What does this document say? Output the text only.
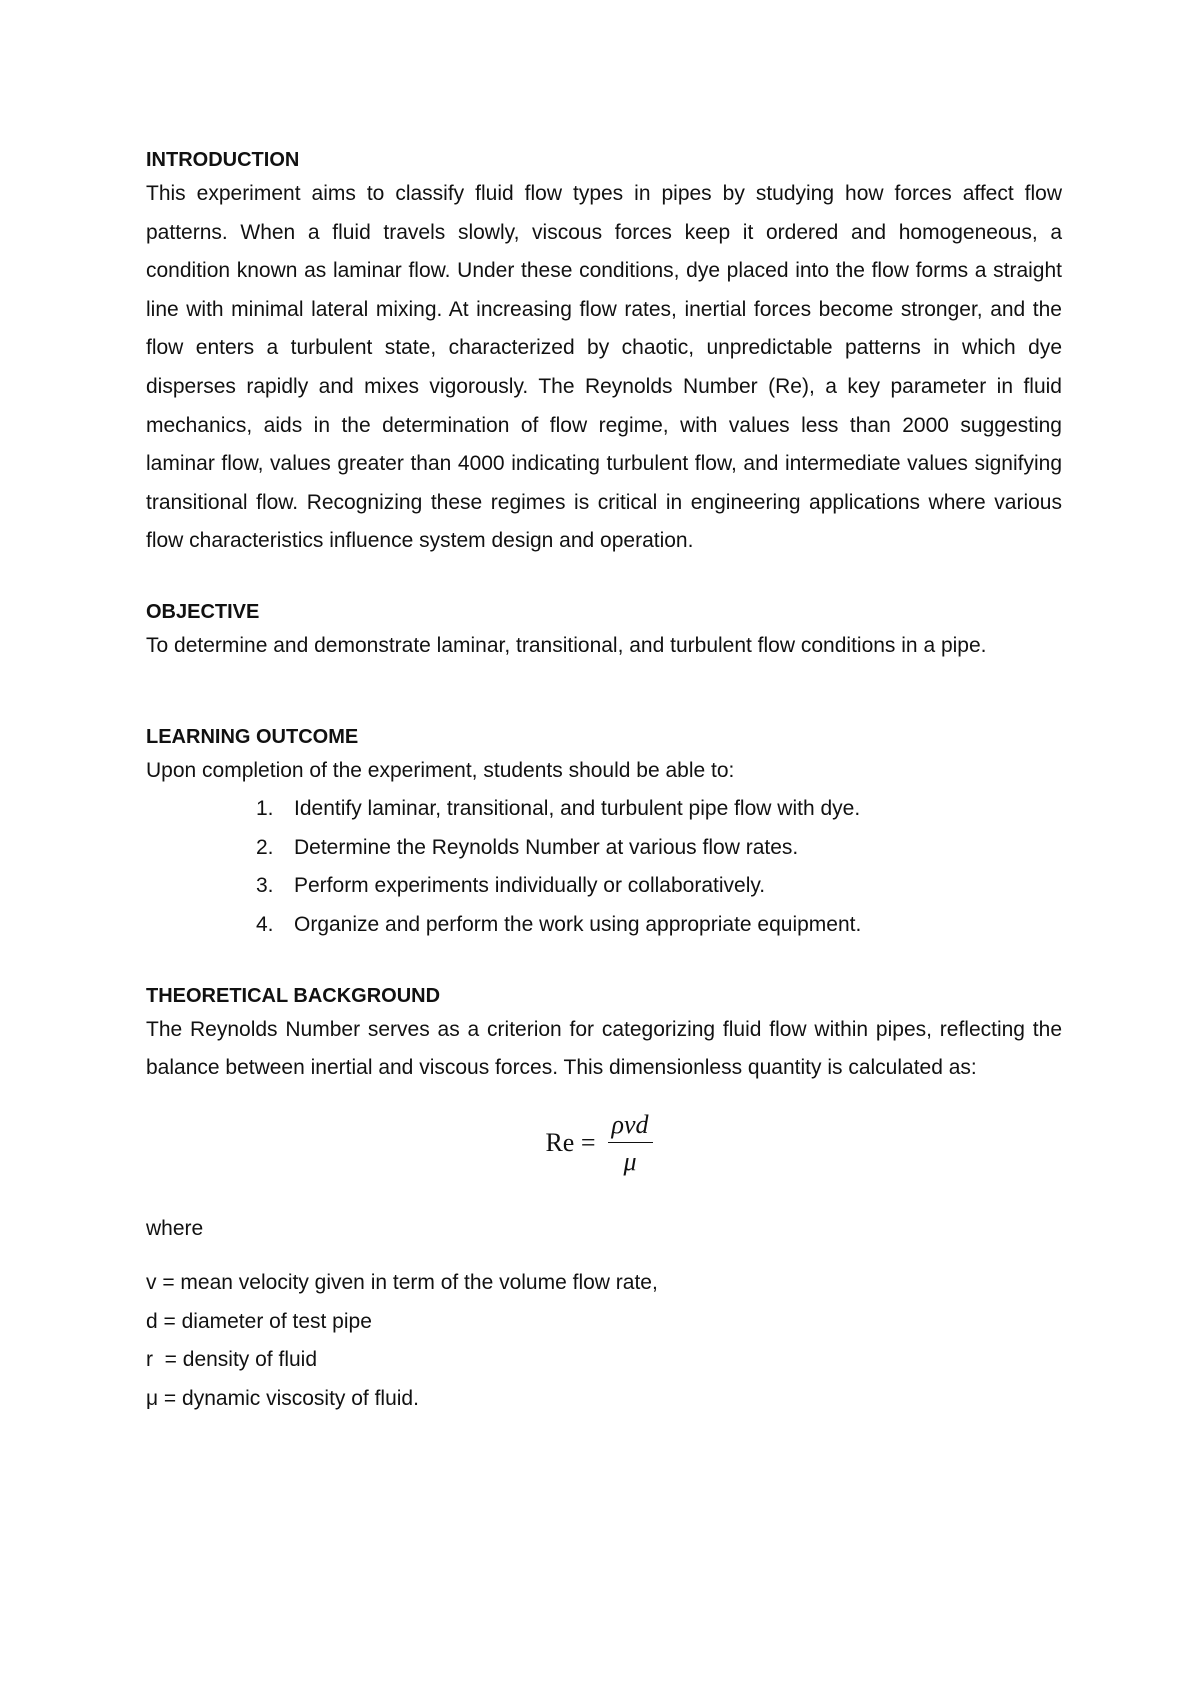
INTRODUCTION

This experiment aims to classify fluid flow types in pipes by studying how forces affect flow patterns. When a fluid travels slowly, viscous forces keep it ordered and homogeneous, a condition known as laminar flow. Under these conditions, dye placed into the flow forms a straight line with minimal lateral mixing. At increasing flow rates, inertial forces become stronger, and the flow enters a turbulent state, characterized by chaotic, unpredictable patterns in which dye disperses rapidly and mixes vigorously. The Reynolds Number (Re), a key parameter in fluid mechanics, aids in the determination of flow regime, with values less than 2000 suggesting laminar flow, values greater than 4000 indicating turbulent flow, and intermediate values signifying transitional flow. Recognizing these regimes is critical in engineering applications where various flow characteristics influence system design and operation.

OBJECTIVE

To determine and demonstrate laminar, transitional, and turbulent flow conditions in a pipe.

LEARNING OUTCOME

Upon completion of the experiment, students should be able to:

1. Identify laminar, transitional, and turbulent pipe flow with dye.
2. Determine the Reynolds Number at various flow rates.
3. Perform experiments individually or collaboratively.
4. Organize and perform the work using appropriate equipment.
THEORETICAL BACKGROUND

The Reynolds Number serves as a criterion for categorizing fluid flow within pipes, reflecting the balance between inertial and viscous forces. This dimensionless quantity is calculated as:

$Re = \frac{\text{ρvd}}{\mu}$

where

v = mean velocity given in term of the volume flow rate,

d = diameter of test pipe

r  = density of fluid

μ = dynamic viscosity of fluid.
